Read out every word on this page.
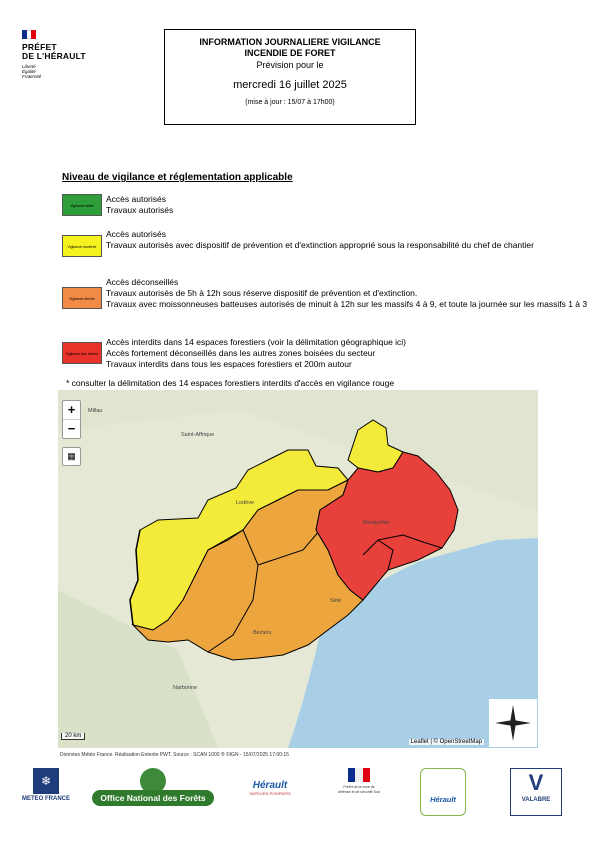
PRÉFET
DE L'HÉRAULT
Liberté
Égalité
Fraternité
INFORMATION JOURNALIERE VIGILANCE
INCENDIE DE FORET
Prévision pour le
mercredi 16 juillet 2025
(mise à jour : 15/07 à 17h00)
Niveau de vigilance et réglementation applicable
Vigilance faible
Accès autorisés
Travaux autorisés
Vigilance modérée
Accès autorisés
Travaux autorisés avec dispositif de prévention et d'extinction approprié sous la responsabilité du chef de chantier
Vigilance élevée
Accès déconseillés
Travaux autorisés de 5h à 12h sous réserve dispositif de prévention et d'extinction.
Travaux avec moissonneuses batteuses autorisés de minuit à 12h sur les massifs 4 à 9, et toute la journée sur les massifs 1 à 3
Vigilance très sévère
Accès interdits dans 14 espaces forestiers (voir la délimitation géographique ici)
Accès fortement déconseillés dans les autres zones boisées du secteur
Travaux interdits dans tous les espaces forestiers et 200m autour
* consulter la délimitation des 14 espaces forestiers interdits d'accès en vigilance rouge
Saint-Affrique
Lodève
Montpellier
Sète
Béziers
Narbonne
Millau
+
−
▦
20 km
Leaflet | © OpenStreetMap
Données Météo France. Réalisation Entente PWT. Source : SCAN 1000 ® ©IGN - 15/07/2025 17:00:15
❄
METEO FRANCE	Office National des Forêts
Hérault
SAPEURS-POMPIERS
Préfet de la zone de défense et de sécurité Sud
Hérault
V
VALABRE
